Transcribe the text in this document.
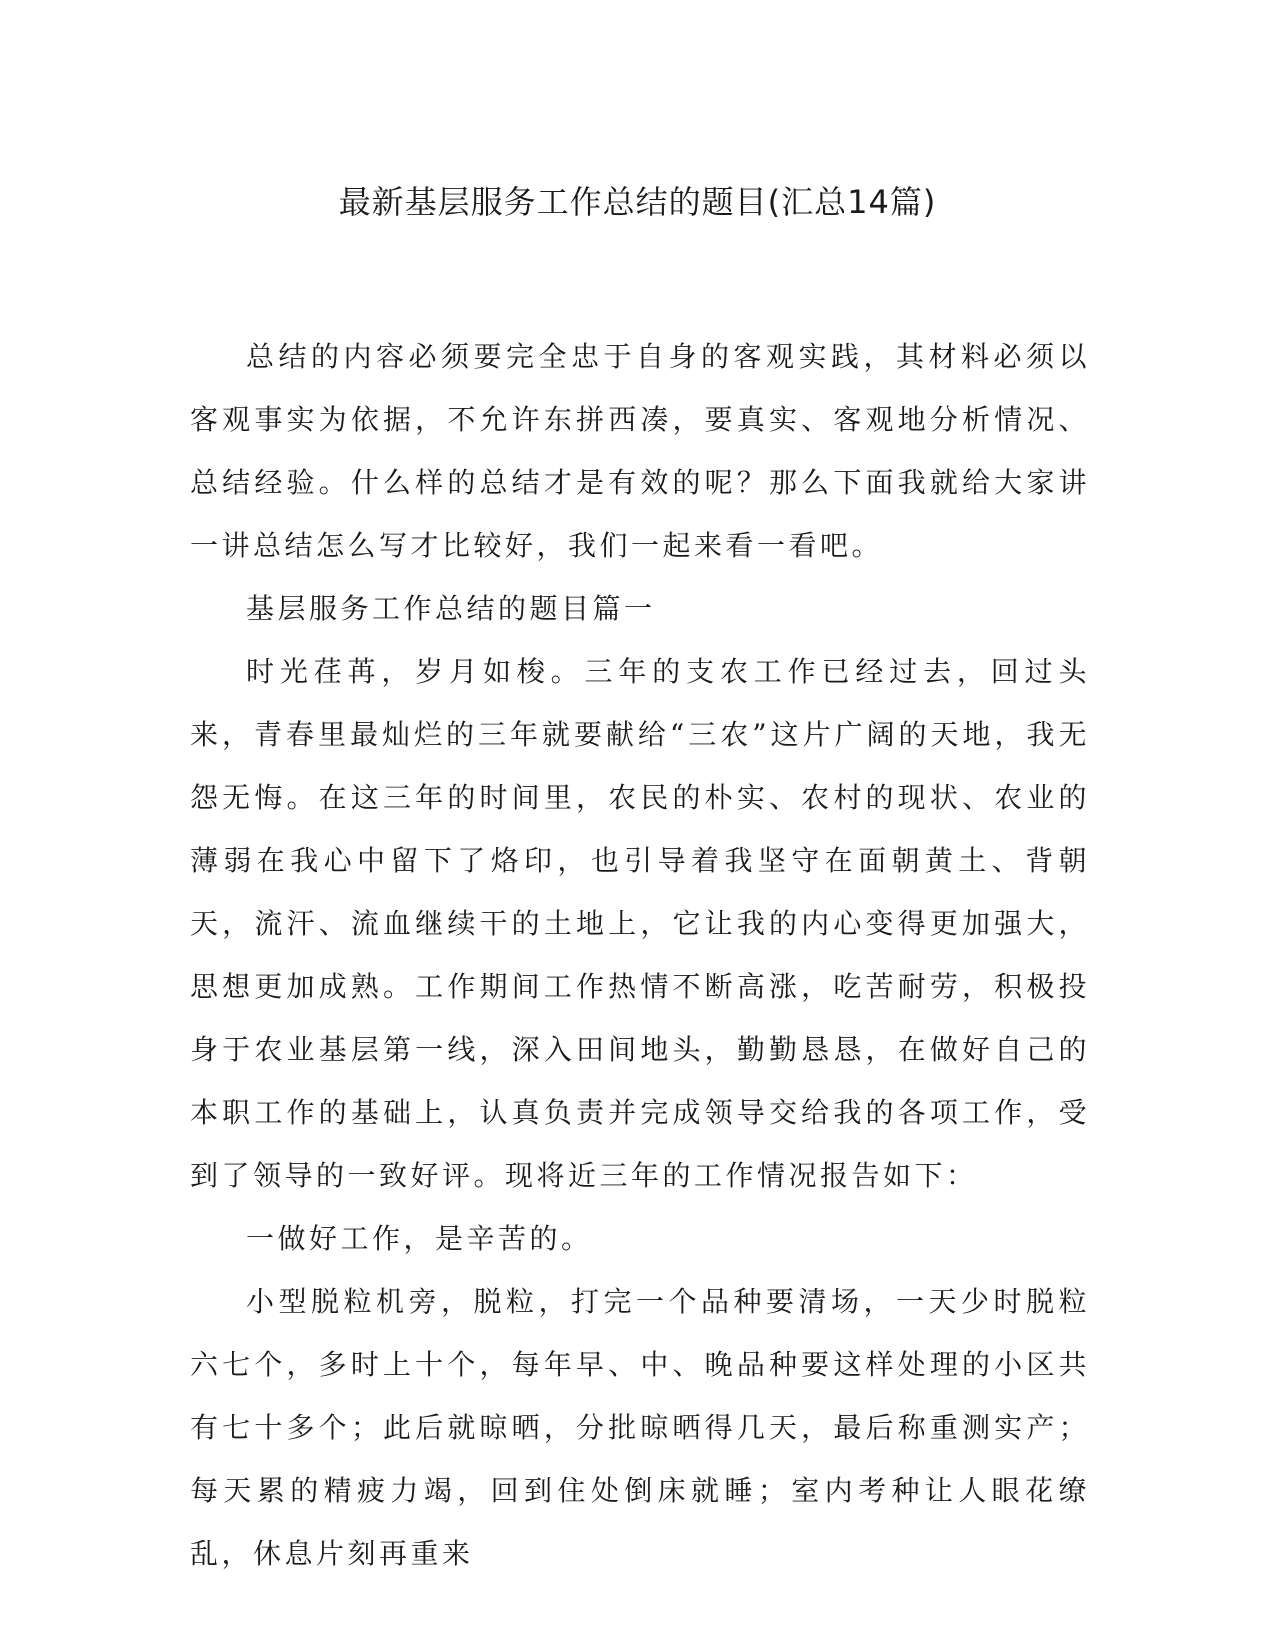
最新基层服务工作总结的题目(汇总14篇)

总结的内容必须要完全忠于自身的客观实践，其材料必须以客观事实为依据，不允许东拼西凑，要真实、客观地分析情况、总结经验。什么样的总结才是有效的呢？那么下面我就给大家讲一讲总结怎么写才比较好，我们一起来看一看吧。

基层服务工作总结的题目篇一

时光荏苒，岁月如梭。三年的支农工作已经过去，回过头来，青春里最灿烂的三年就要献给“三农”这片广阔的天地，我无怨无悔。在这三年的时间里，农民的朴实、农村的现状、农业的薄弱在我心中留下了烙印，也引导着我坚守在面朝黄土、背朝天，流汗、流血继续干的土地上，它让我的内心变得更加强大，思想更加成熟。工作期间工作热情不断高涨，吃苦耐劳，积极投身于农业基层第一线，深入田间地头，勤勤恳恳，在做好自己的本职工作的基础上，认真负责并完成领导交给我的各项工作，受到了领导的一致好评。现将近三年的工作情况报告如下：

一做好工作，是辛苦的。

小型脱粒机旁，脱粒，打完一个品种要清场，一天少时脱粒六七个，多时上十个，每年早、中、晚品种要这样处理的小区共有七十多个；此后就晾晒，分批晾晒得几天，最后称重测实产；每天累的精疲力竭，回到住处倒床就睡；室内考种让人眼花缭乱，休息片刻再重来
